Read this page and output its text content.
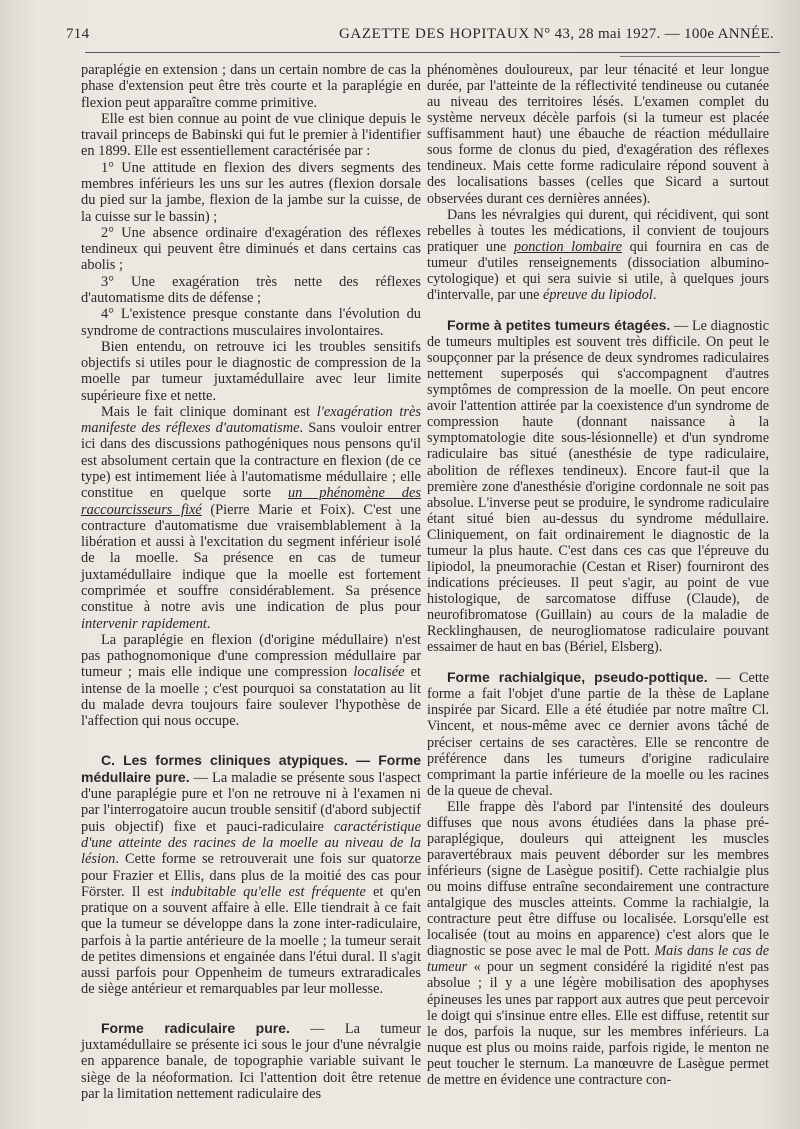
714	GAZETTE DES HOPITAUX N° 43, 28 mai 1927. — 100e ANNÉE.

paraplégie en extension ; dans un certain nombre de cas la phase d'extension peut être très courte et la paraplégie en flexion peut apparaître comme primitive.

Elle est bien connue au point de vue clinique depuis le travail princeps de Babinski qui fut le premier à l'identifier en 1899. Elle est essentiellement caractérisée par :

1° Une attitude en flexion des divers segments des membres inférieurs les uns sur les autres (flexion dorsale du pied sur la jambe, flexion de la jambe sur la cuisse, de la cuisse sur le bassin) ;

2° Une absence ordinaire d'exagération des réflexes tendineux qui peuvent être diminués et dans certains cas abolis ;

3° Une exagération très nette des réflexes d'automatisme dits de défense ;

4° L'existence presque constante dans l'évolution du syndrome de contractions musculaires involontaires.

Bien entendu, on retrouve ici les troubles sensitifs objectifs si utiles pour le diagnostic de compression de la moelle par tumeur juxtamédullaire avec leur limite supérieure fixe et nette.

Mais le fait clinique dominant est l'exagération très manifeste des réflexes d'automatisme. Sans vouloir entrer ici dans des discussions pathogéniques nous pensons qu'il est absolument certain que la contracture en flexion (de ce type) est intimement liée à l'automatisme médullaire ; elle constitue en quelque sorte un phénomène des raccourcisseurs fixé (Pierre Marie et Foix). C'est une contracture d'automatisme due vraisemblablement à la libération et aussi à l'excitation du segment inférieur isolé de la moelle. Sa présence en cas de tumeur juxtamédullaire indique que la moelle est fortement comprimée et souffre considérablement. Sa présence constitue à notre avis une indication de plus pour intervenir rapidement.

La paraplégie en flexion (d'origine médullaire) n'est pas pathognomonique d'une compression médullaire par tumeur ; mais elle indique une compression localisée et intense de la moelle ; c'est pourquoi sa constatation au lit du malade devra toujours faire soulever l'hypothèse de l'affection qui nous occupe.

C. Les formes cliniques atypiques. — Forme médullaire pure. — La maladie se présente sous l'aspect d'une paraplégie pure et l'on ne retrouve ni à l'examen ni par l'interrogatoire aucun trouble sensitif (d'abord subjectif puis objectif) fixe et pauci-radiculaire caractéristique d'une atteinte des racines de la moelle au niveau de la lésion. Cette forme se retrouverait une fois sur quatorze pour Frazier et Ellis, dans plus de la moitié des cas pour Förster. Il est indubitable qu'elle est fréquente et qu'en pratique on a souvent affaire à elle. Elle tiendrait à ce fait que la tumeur se développe dans la zone inter-radiculaire, parfois à la partie antérieure de la moelle ; la tumeur serait de petites dimensions et engainée dans l'étui dural. Il s'agit aussi parfois pour Oppenheim de tumeurs extraradicales de siège antérieur et remarquables par leur mollesse.

Forme radiculaire pure. — La tumeur juxtamédullaire se présente ici sous le jour d'une névralgie en apparence banale, de topographie variable suivant le siège de la néoformation. Ici l'attention doit être retenue par la limitation nettement radiculaire des

phénomènes douloureux, par leur ténacité et leur longue durée, par l'atteinte de la réflectivité tendineuse ou cutanée au niveau des territoires lésés. L'examen complet du système nerveux décèle parfois (si la tumeur est placée suffisamment haut) une ébauche de réaction médullaire sous forme de clonus du pied, d'exagération des réflexes tendineux. Mais cette forme radiculaire répond souvent à des localisations basses (celles que Sicard a surtout observées durant ces dernières années).

Dans les névralgies qui durent, qui récidivent, qui sont rebelles à toutes les médications, il convient de toujours pratiquer une ponction lombaire qui fournira en cas de tumeur d'utiles renseignements (dissociation albumino-cytologique) et qui sera suivie si utile, à quelques jours d'intervalle, par une épreuve du lipiodol.

Forme à petites tumeurs étagées. — Le diagnostic de tumeurs multiples est souvent très difficile. On peut le soupçonner par la présence de deux syndromes radiculaires nettement superposés qui s'accompagnent d'autres symptômes de compression de la moelle. On peut encore avoir l'attention attirée par la coexistence d'un syndrome de compression haute (donnant naissance à la symptomatologie dite sous-lésionnelle) et d'un syndrome radiculaire bas situé (anesthésie de type radiculaire, abolition de réflexes tendineux). Encore faut-il que la première zone d'anesthésie d'origine cordonnale ne soit pas absolue. L'inverse peut se produire, le syndrome radiculaire étant situé bien au-dessus du syndrome médullaire. Cliniquement, on fait ordinairement le diagnostic de la tumeur la plus haute. C'est dans ces cas que l'épreuve du lipiodol, la pneumorachie (Cestan et Riser) fourniront des indications précieuses. Il peut s'agir, au point de vue histologique, de sarcomatose diffuse (Claude), de neurofibromatose (Guillain) au cours de la maladie de Recklinghausen, de neurogliomatose radiculaire pouvant essaimer de haut en bas (Bériel, Elsberg).

Forme rachialgique, pseudo-pottique. — Cette forme a fait l'objet d'une partie de la thèse de Laplane inspirée par Sicard. Elle a été étudiée par notre maître Cl. Vincent, et nous-même avec ce dernier avons tâché de préciser certains de ses caractères. Elle se rencontre de préférence dans les tumeurs d'origine radiculaire comprimant la partie inférieure de la moelle ou les racines de la queue de cheval.

Elle frappe dès l'abord par l'intensité des douleurs diffuses que nous avons étudiées dans la phase pré-paraplégique, douleurs qui atteignent les muscles paravertébraux mais peuvent déborder sur les membres inférieurs (signe de Lasègue positif). Cette rachialgie plus ou moins diffuse entraîne secondairement une contracture antalgique des muscles atteints. Comme la rachialgie, la contracture peut être diffuse ou localisée. Lorsqu'elle est localisée (tout au moins en apparence) c'est alors que le diagnostic se pose avec le mal de Pott. Mais dans le cas de tumeur « pour un segment considéré la rigidité n'est pas absolue ; il y a une légère mobilisation des apophyses épineuses les unes par rapport aux autres que peut percevoir le doigt qui s'insinue entre elles. Elle est diffuse, retentit sur le dos, parfois la nuque, sur les membres inférieurs. La nuque est plus ou moins raide, parfois rigide, le menton ne peut toucher le sternum. La manœuvre de Lasègue permet de mettre en évidence une contracture con-
